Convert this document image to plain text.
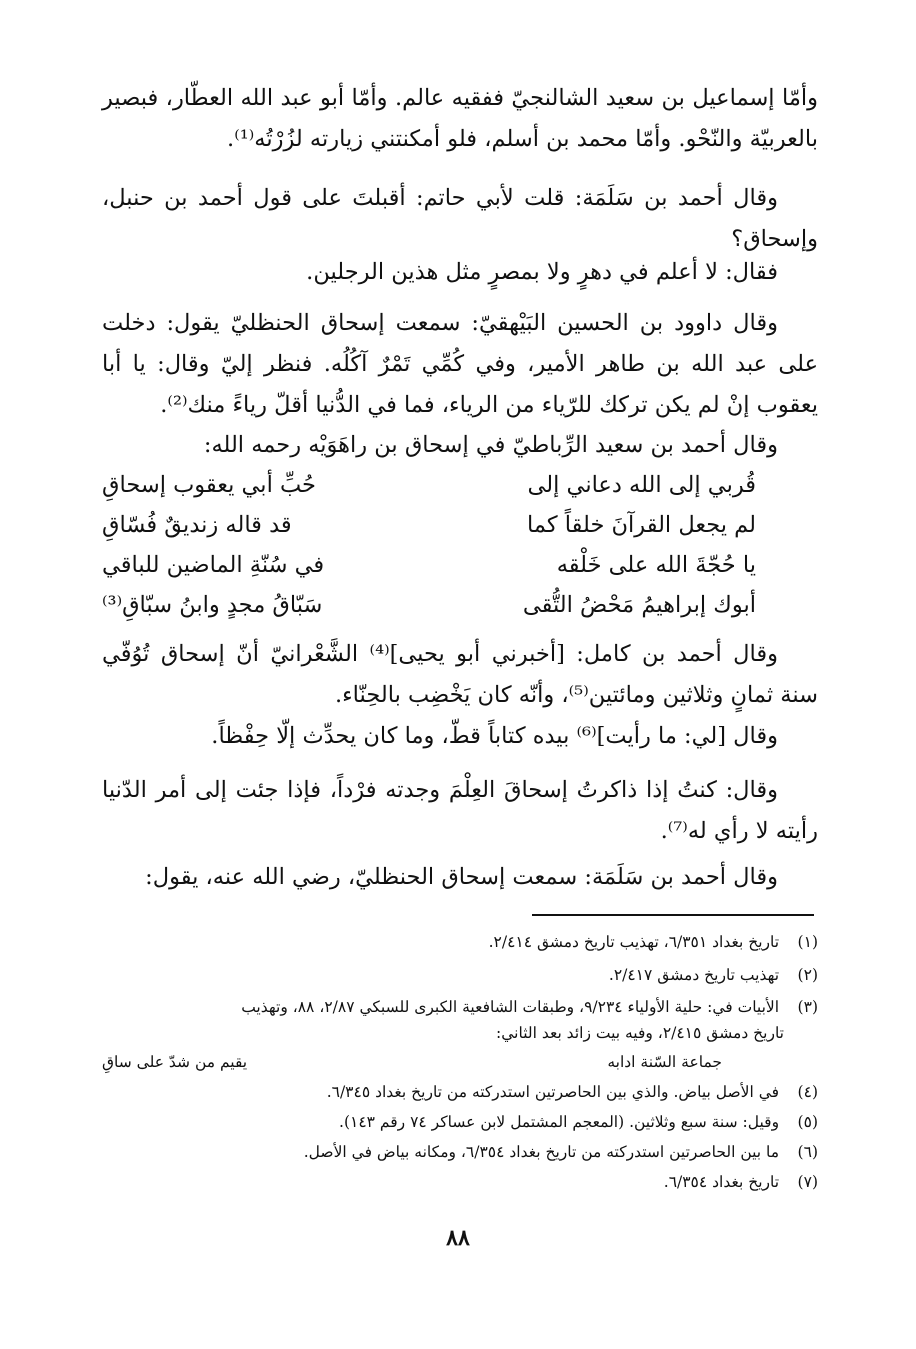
وأمّا إسماعيل بن سعيد الشالنجيّ ففقيه عالم. وأمّا أبو عبد الله العطّار، فبصير بالعربيّة والنّحْو. وأمّا محمد بن أسلم، فلو أمكنتني زيارته لزُرْتُه⁽¹⁾.
وقال أحمد بن سَلَمَة: قلت لأبي حاتم: أقبلتَ على قول أحمد بن حنبل، وإسحاق؟
فقال: لا أعلم في دهرٍ ولا بمصرٍ مثل هذين الرجلين.
وقال داوود بن الحسين البَيْهقيّ: سمعت إسحاق الحنظليّ يقول: دخلت على عبد الله بن طاهر الأمير، وفي كُمِّي تَمْرٌ آكُلُه. فنظر إليّ وقال: يا أبا يعقوب إنْ لم يكن تركك للرّياء من الرياء، فما في الدُّنيا أقلّ رياءً منك⁽²⁾.
وقال أحمد بن سعيد الرِّباطيّ في إسحاق بن راهَوَيْه رحمه الله:
قُربي إلى الله دعاني إلى
حُبِّ أبي يعقوب إسحاقِ
لم يجعل القرآنَ خلقاً كما
قد قاله زنديقٌ فُسّاقِ
يا حُجّةَ الله على خَلْقه
في سُنّةِ الماضين للباقي
أبوك إبراهيمُ مَحْضُ التُّقى
سَبّاقُ مجدٍ وابنُ سبّاقِ⁽³⁾
وقال أحمد بن كامل: [أخبرني أبو يحيى]⁽⁴⁾ الشَّعْرانيّ أنّ إسحاق تُوُفّي سنة ثمانٍ وثلاثين ومائتين⁽⁵⁾، وأنّه كان يَخْضِب بالحِنّاء.
وقال [لي: ما رأيت]⁽⁶⁾ بيده كتاباً قطّ، وما كان يحدِّث إلّا حِفْظاً.
وقال: كنتُ إذا ذاكرتُ إسحاقَ العِلْمَ وجدته فرْداً، فإذا جئت إلى أمر الدّنيا رأيته لا رأي له⁽⁷⁾.
وقال أحمد بن سَلَمَة: سمعت إسحاق الحنظليّ، رضي الله عنه، يقول:
(١) تاريخ بغداد ٦/٣٥١، تهذيب تاريخ دمشق ٢/٤١٤.
(٢) تهذيب تاريخ دمشق ٢/٤١٧.
(٣) الأبيات في: حلية الأولياء ٩/٢٣٤، وطبقات الشافعية الكبرى للسبكي ٢/٨٧، ٨٨، وتهذيب
تاريخ دمشق ٢/٤١٥، وفيه بيت زائد بعد الثاني:
جماعة السّنة ادابه
يقيم من شدّ على ساقِ
(٤) في الأصل بياض. والذي بين الحاصرتين استدركته من تاريخ بغداد ٦/٣٤٥.
(٥) وقيل: سنة سبع وثلاثين. (المعجم المشتمل لابن عساكر ٧٤ رقم ١٤٣).
(٦) ما بين الحاصرتين استدركته من تاريخ بغداد ٦/٣٥٤، ومكانه بياض في الأصل.
(٧) تاريخ بغداد ٦/٣٥٤.
٨٨
